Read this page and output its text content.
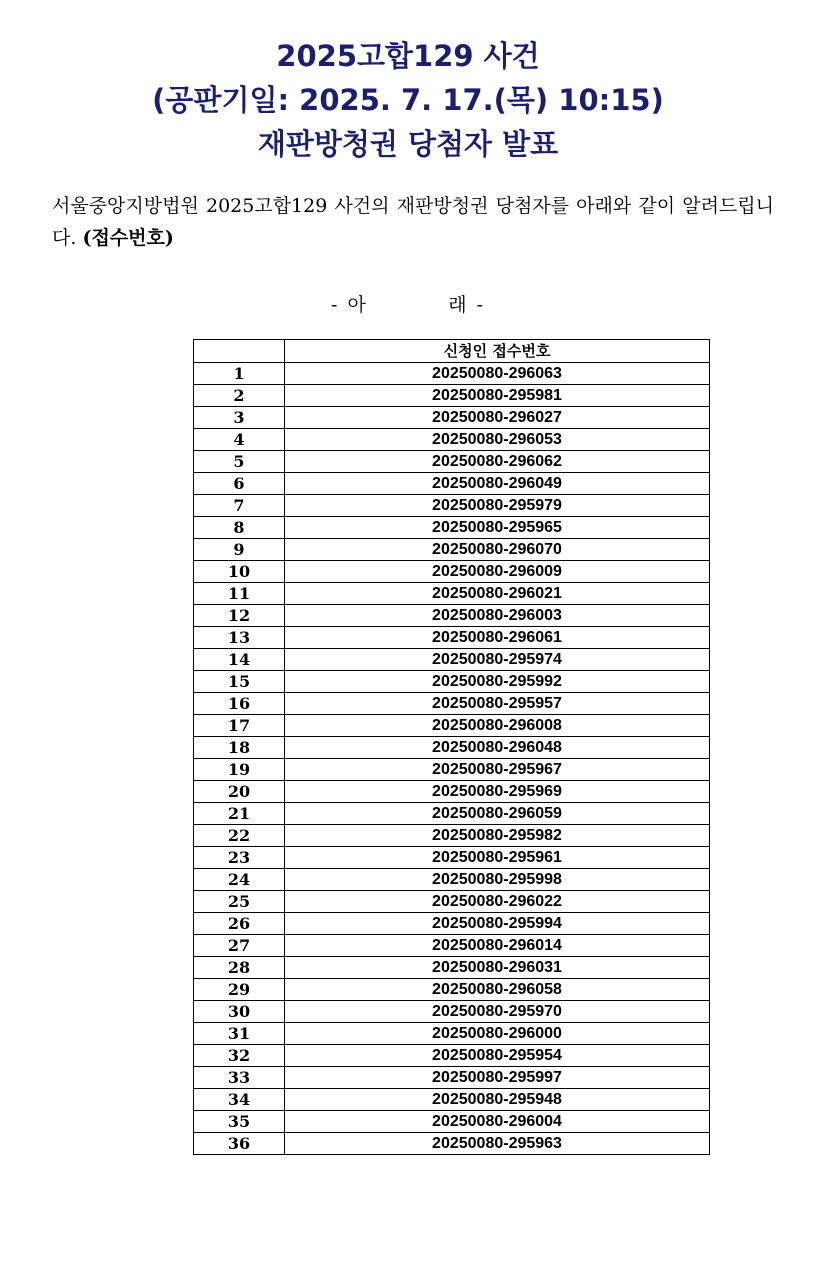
2025고합129 사건
(공판기일: 2025. 7. 17.(목) 10:15)
재판방청권 당첨자 발표
서울중앙지방법원 2025고합129 사건의 재판방청권 당첨자를 아래와 같이 알려드립니다. (접수번호)
- 아          래 -
	신청인 접수번호
1	20250080-296063
2	20250080-295981
3	20250080-296027
4	20250080-296053
5	20250080-296062
6	20250080-296049
7	20250080-295979
8	20250080-295965
9	20250080-296070
10	20250080-296009
11	20250080-296021
12	20250080-296003
13	20250080-296061
14	20250080-295974
15	20250080-295992
16	20250080-295957
17	20250080-296008
18	20250080-296048
19	20250080-295967
20	20250080-295969
21	20250080-296059
22	20250080-295982
23	20250080-295961
24	20250080-295998
25	20250080-296022
26	20250080-295994
27	20250080-296014
28	20250080-296031
29	20250080-296058
30	20250080-295970
31	20250080-296000
32	20250080-295954
33	20250080-295997
34	20250080-295948
35	20250080-296004
36	20250080-295963
